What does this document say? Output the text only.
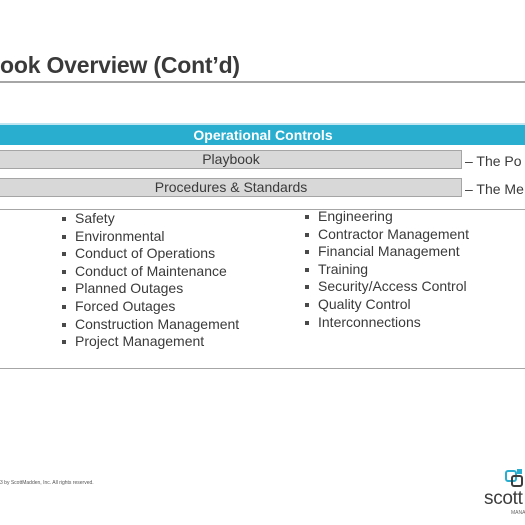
ook Overview (Cont’d)
Operational Controls
Playbook	– The Po
Procedures & Standards	– The Me
Safety
Environmental
Conduct of Operations
Conduct of Maintenance
Planned Outages
Forced Outages
Construction Management
Project Management
Engineering
Contractor Management
Financial Management
Training
Security/Access Control
Quality Control
Interconnections
3 by ScottMadden, Inc. All rights reserved.
scott
MANA
